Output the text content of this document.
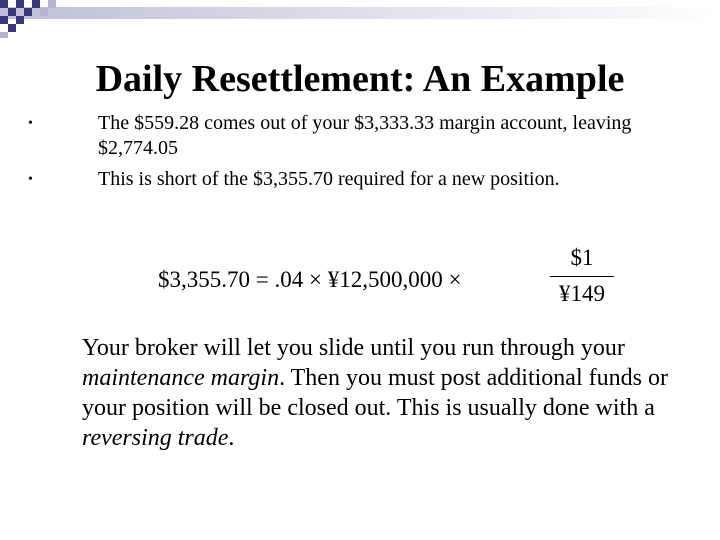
Daily Resettlement: An Example
•	The $559.28 comes out of your $3,333.33 margin account, leaving $2,774.05
•	This is short of the $3,355.70 required for a new position.
$3,355.70 = .04 × ¥12,500,000 ×
$1
¥149

Your broker will let you slide until you run through your maintenance margin. Then you must post additional funds or your position will be closed out. This is usually done with a reversing trade.
